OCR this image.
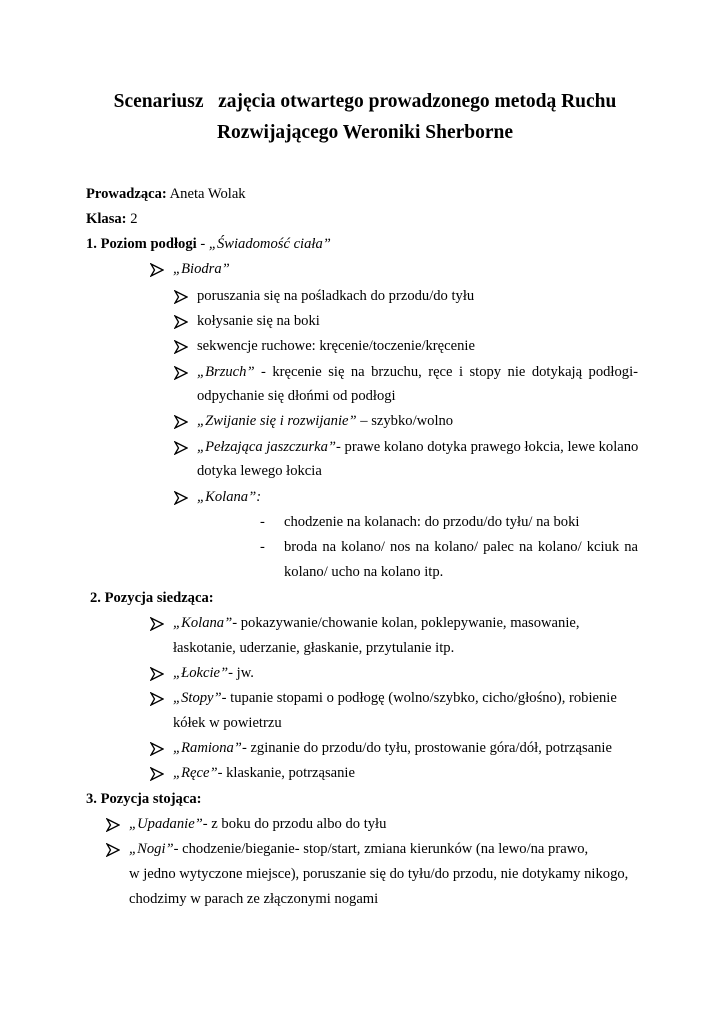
Scenariusz   zajęcia otwartego prowadzonego metodą Ruchu
Rozwijającego Weroniki Sherborne
Prowadząca: Aneta Wolak
Klasa: 2
1. Poziom podłogi - „Świadomość ciała”
„Biodra”
poruszania się na pośladkach do przodu/do tyłu
kołysanie się na boki
sekwencje ruchowe: kręcenie/toczenie/kręcenie
„Brzuch” - kręcenie się na brzuchu, ręce i stopy nie dotykają podłogi-
odpychanie się dłońmi od podłogi
„Zwijanie się i rozwijanie” – szybko/wolno
„Pełzająca jaszczurka”- prawe kolano dotyka prawego łokcia, lewe kolano
dotyka lewego łokcia
„Kolana”:
- chodzenie na kolanach: do przodu/do tyłu/ na boki
- broda na kolano/ nos na kolano/ palec na kolano/ kciuk na
kolano/ ucho na kolano itp.
2. Pozycja siedząca:
„Kolana”- pokazywanie/chowanie kolan, poklepywanie, masowanie,
łaskotanie, uderzanie, głaskanie, przytulanie itp.
„Łokcie”- jw.
„Stopy”- tupanie stopami o podłogę (wolno/szybko, cicho/głośno), robienie
kółek w powietrzu
„Ramiona”- zginanie do przodu/do tyłu, prostowanie góra/dół, potrząsanie
„Ręce”- klaskanie, potrząsanie
3. Pozycja stojąca:
„Upadanie”- z boku do przodu albo do tyłu
„Nogi”- chodzenie/bieganie- stop/start, zmiana kierunków (na lewo/na prawo,
w jedno wytyczone miejsce), poruszanie się do tyłu/do przodu, nie dotykamy nikogo,
chodzimy w parach ze złączonymi nogami
